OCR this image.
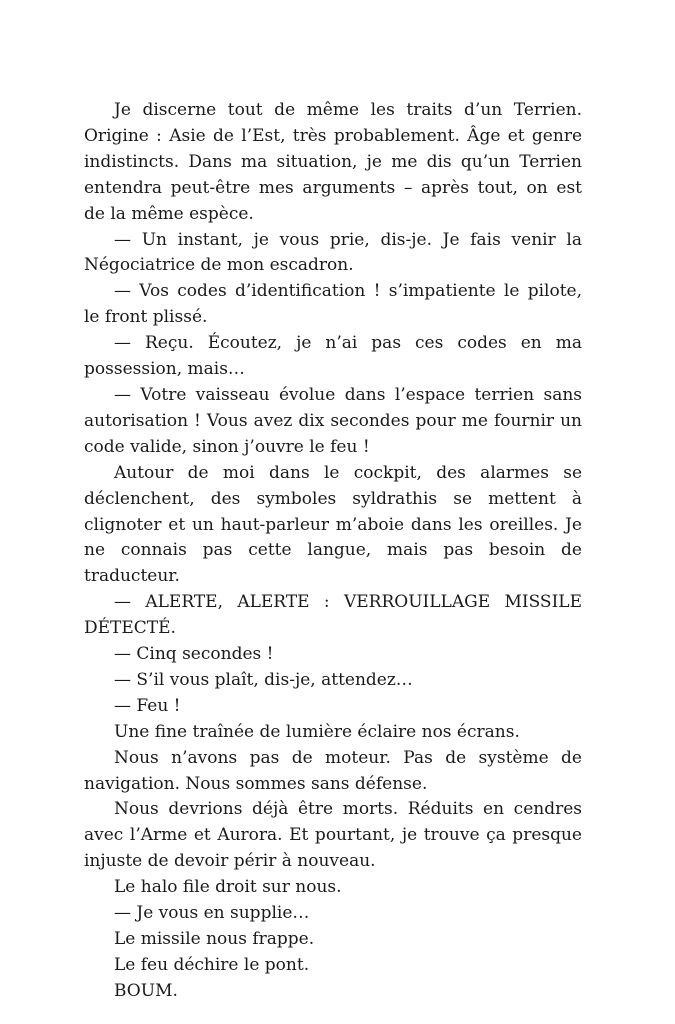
Je discerne tout de même les traits d’un Terrien. Origine : Asie de l’Est, très probablement. Âge et genre indistincts. Dans ma situation, je me dis qu’un Terrien entendra peut-être mes arguments – après tout, on est de la même espèce.

— Un instant, je vous prie, dis-je. Je fais venir la Négociatrice de mon escadron.

— Vos codes d’identification ! s’impatiente le pilote, le front plissé.

— Reçu. Écoutez, je n’ai pas ces codes en ma possession, mais…

— Votre vaisseau évolue dans l’espace terrien sans autorisation ! Vous avez dix secondes pour me fournir un code valide, sinon j’ouvre le feu !

Autour de moi dans le cockpit, des alarmes se déclenchent, des symboles syldrathis se mettent à clignoter et un haut-parleur m’aboie dans les oreilles. Je ne connais pas cette langue, mais pas besoin de traducteur.

— ALERTE, ALERTE : VERROUILLAGE MISSILE DÉTECTÉ.

— Cinq secondes !

— S’il vous plaît, dis-je, attendez…

— Feu !

Une fine traînée de lumière éclaire nos écrans.

Nous n’avons pas de moteur. Pas de système de navigation. Nous sommes sans défense.

Nous devrions déjà être morts. Réduits en cendres avec l’Arme et Aurora. Et pourtant, je trouve ça presque injuste de devoir périr à nouveau.

Le halo file droit sur nous.

— Je vous en supplie…

Le missile nous frappe.

Le feu déchire le pont.

BOUM.
